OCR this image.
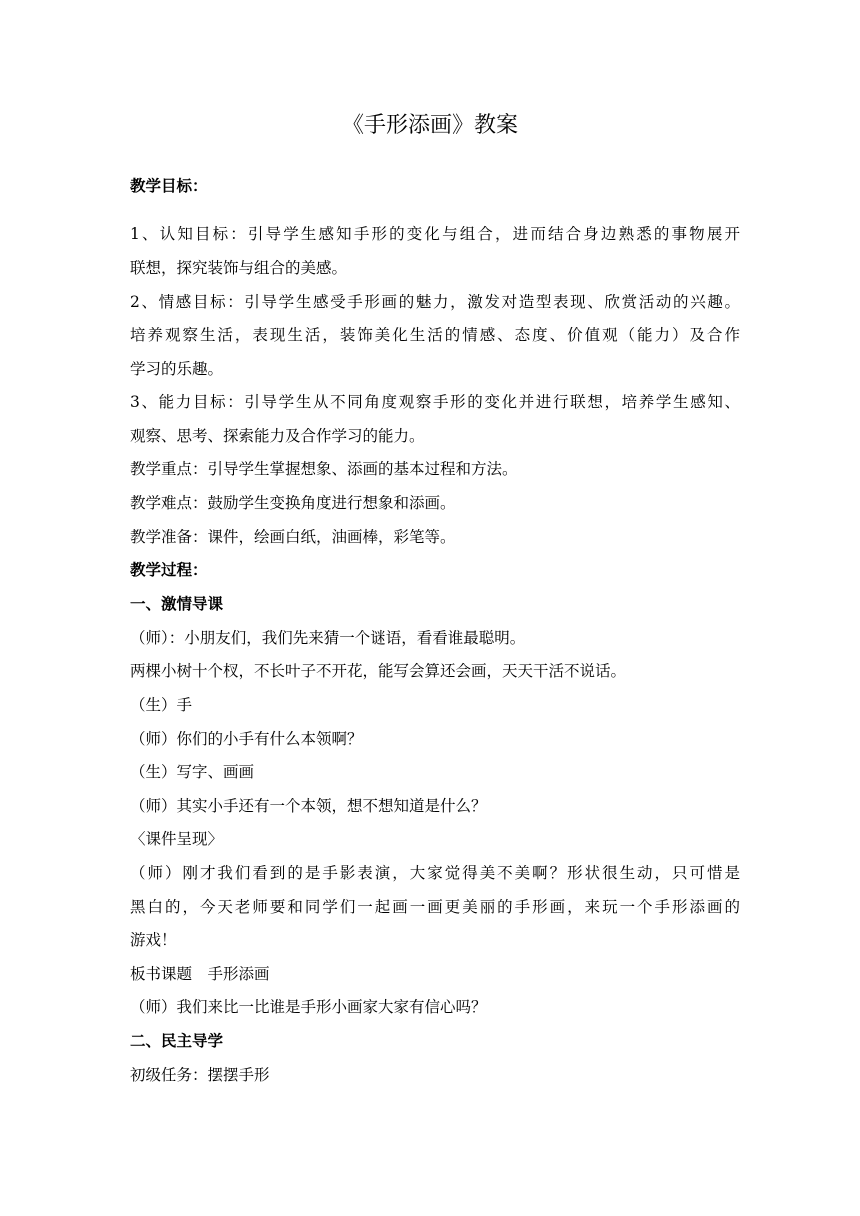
《手形添画》教案
教学目标：
1、认知目标：引导学生感知手形的变化与组合，进而结合身边熟悉的事物展开
联想，探究装饰与组合的美感。
2、情感目标：引导学生感受手形画的魅力，激发对造型表现、欣赏活动的兴趣。
培养观察生活，表现生活，装饰美化生活的情感、态度、价值观（能力）及合作
学习的乐趣。
3、能力目标：引导学生从不同角度观察手形的变化并进行联想，培养学生感知、
观察、思考、探索能力及合作学习的能力。
教学重点：引导学生掌握想象、添画的基本过程和方法。
教学难点：鼓励学生变换角度进行想象和添画。
教学准备：课件，绘画白纸，油画棒，彩笔等。
教学过程：
一、激情导课
（师）：小朋友们，我们先来猜一个谜语，看看谁最聪明。
两棵小树十个杈，不长叶子不开花，能写会算还会画，天天干活不说话。
（生）手
（师）你们的小手有什么本领啊？
（生）写字、画画
（师）其实小手还有一个本领，想不想知道是什么？
〈课件呈现〉
（师）刚才我们看到的是手影表演，大家觉得美不美啊？形状很生动，只可惜是
黑白的，今天老师要和同学们一起画一画更美丽的手形画，来玩一个手形添画的
游戏！
板书课题　手形添画
（师）我们来比一比谁是手形小画家大家有信心吗？
二、民主导学
初级任务：摆摆手形
